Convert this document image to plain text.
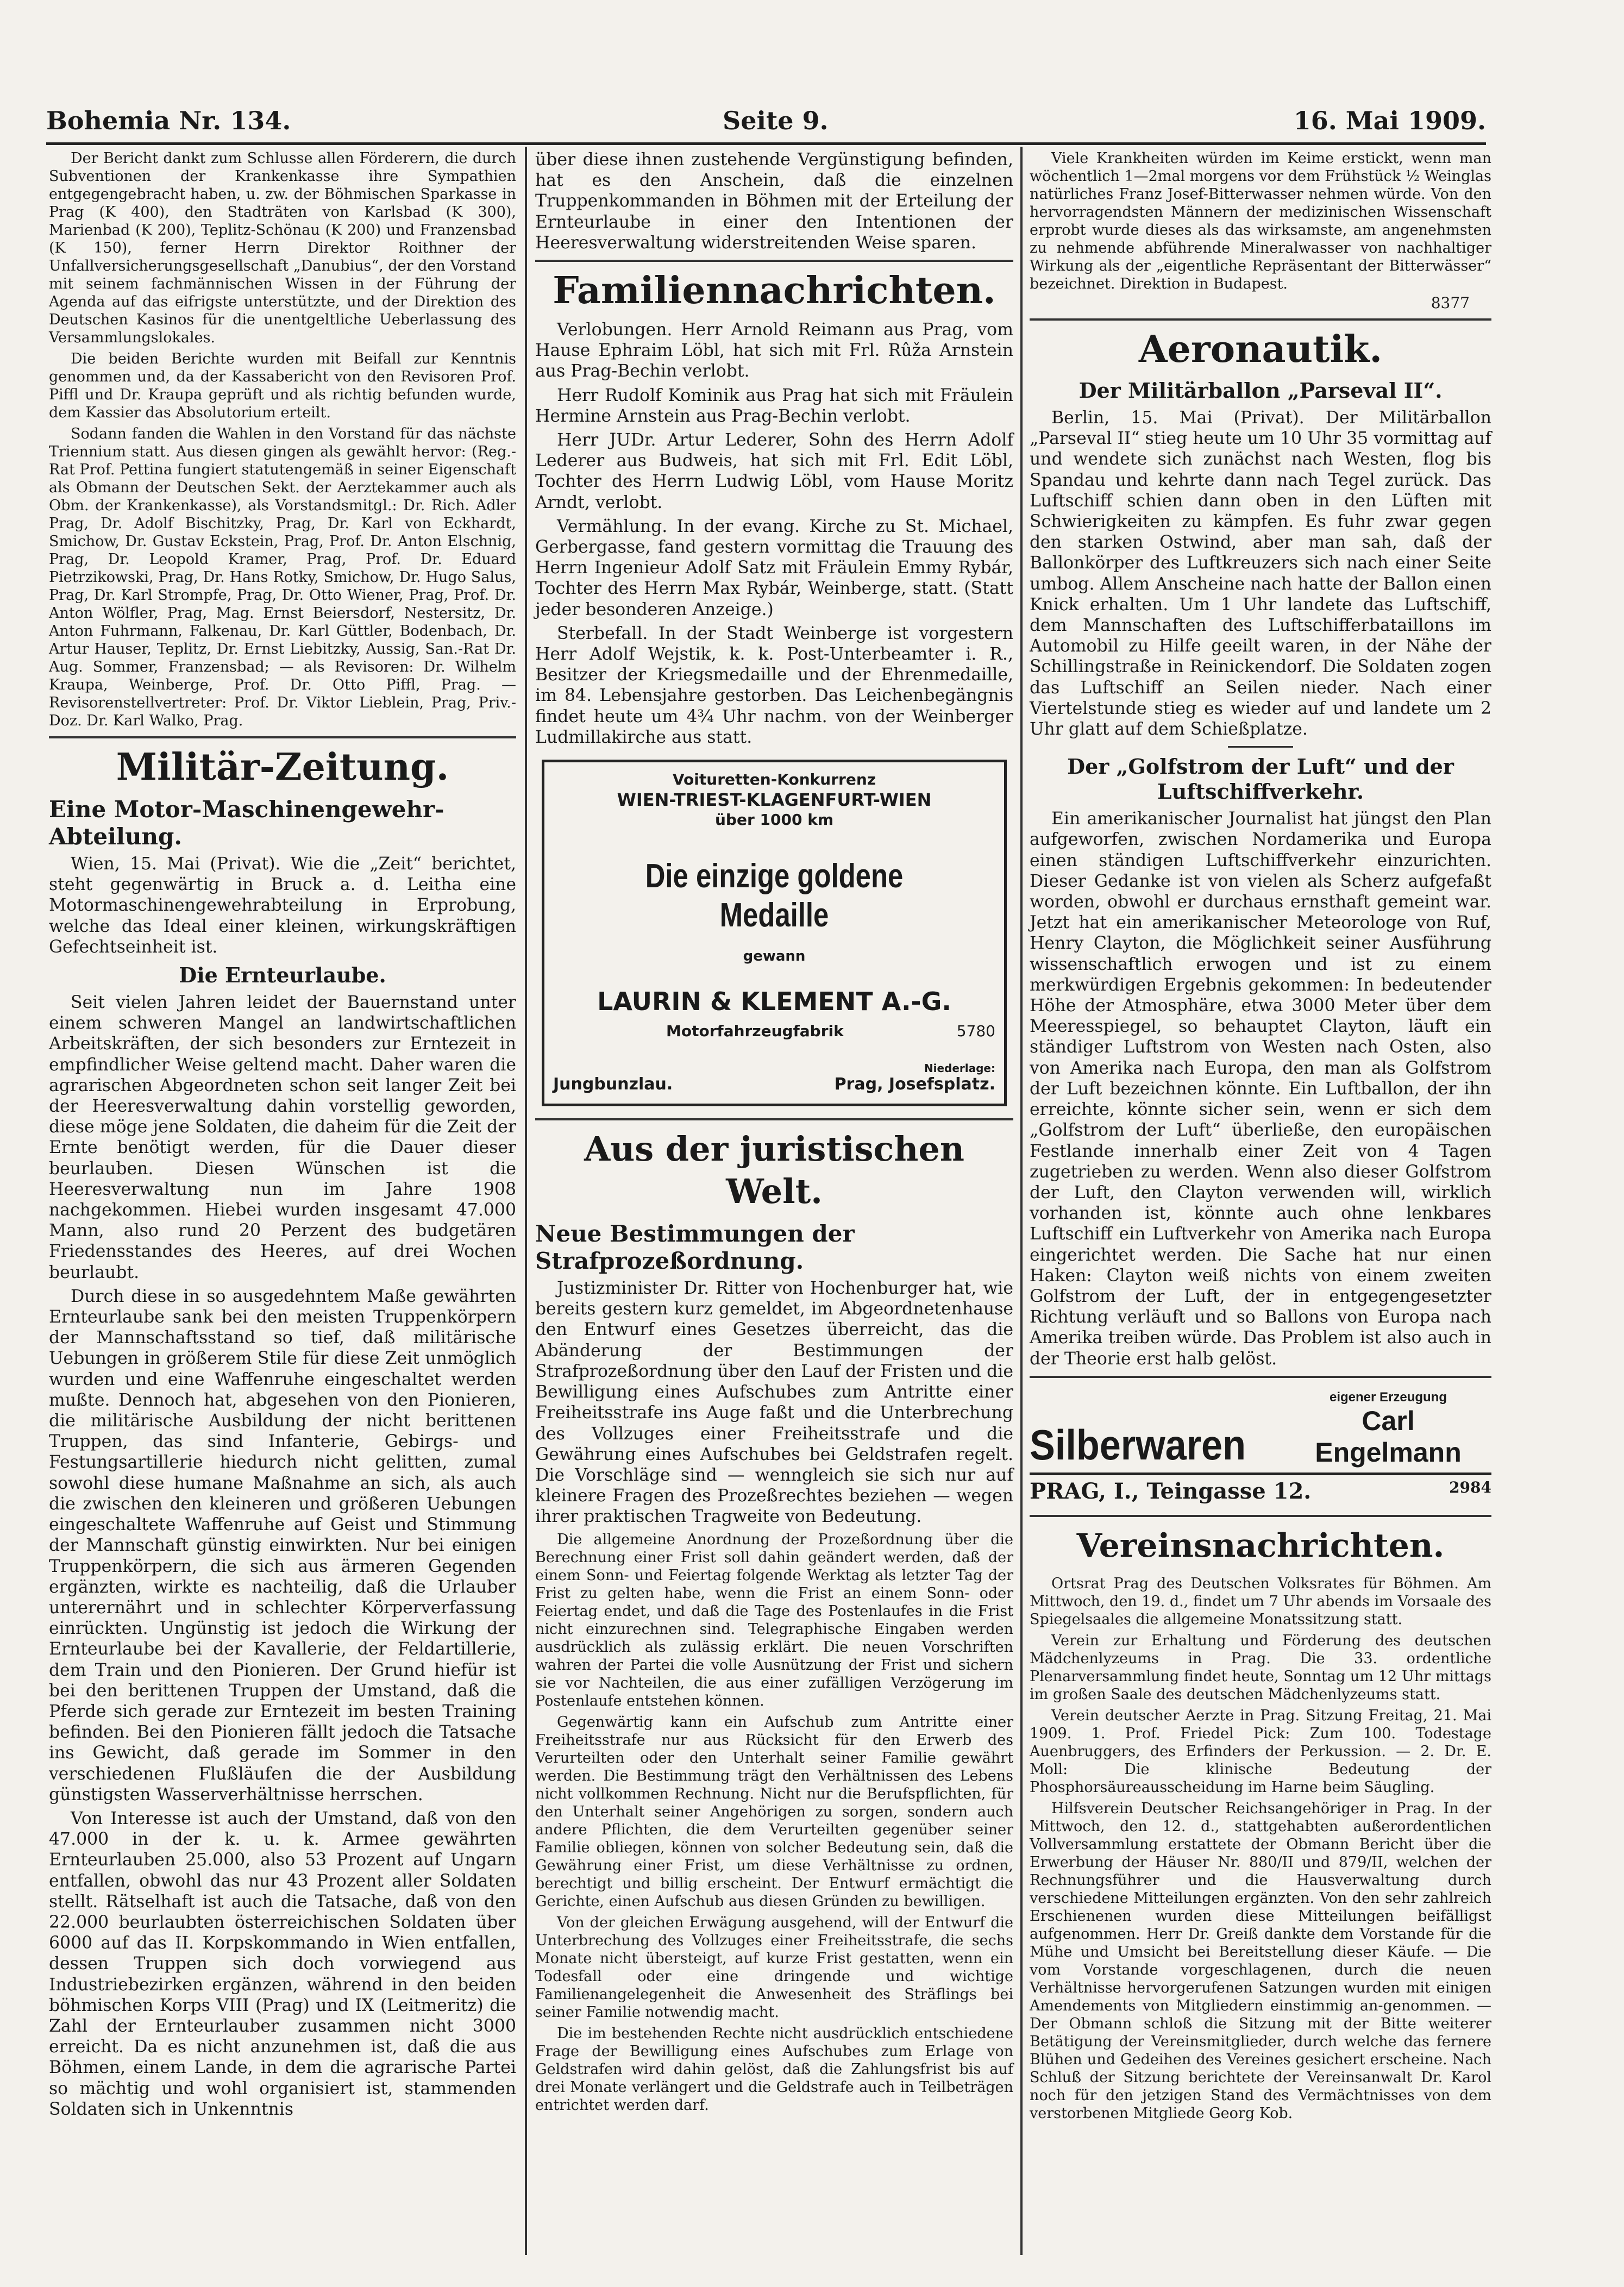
Bohemia Nr. 134.	Seite 9.	16. Mai 1909.

Der Bericht dankt zum Schlusse allen Förderern, die durch Subventionen der Krankenkasse ihre Sympathien entgegengebracht haben, u. zw. der Böhmischen Sparkasse in Prag (K 400), den Stadträten von Karlsbad (K 300), Marienbad (K 200), Teplitz-Schönau (K 200) und Franzensbad (K 150), ferner Herrn Direktor Roithner der Unfallversicherungsgesellschaft „Danubius“, der den Vorstand mit seinem fachmännischen Wissen in der Führung der Agenda auf das eifrigste unterstützte, und der Direktion des Deutschen Kasinos für die unentgeltliche Ueberlassung des Versammlungslokales.

Die beiden Berichte wurden mit Beifall zur Kenntnis genommen und, da der Kassabericht von den Revisoren Prof. Piffl und Dr. Kraupa geprüft und als richtig befunden wurde, dem Kassier das Absolutorium erteilt.

Sodann fanden die Wahlen in den Vorstand für das nächste Triennium statt. Aus diesen gingen als gewählt hervor: (Reg.-Rat Prof. Pettina fungiert statutengemäß in seiner Eigenschaft als Obmann der Deutschen Sekt. der Aerztekammer auch als Obm. der Krankenkasse), als Vorstandsmitgl.: Dr. Rich. Adler Prag, Dr. Adolf Bischitzky, Prag, Dr. Karl von Eckhardt, Smichow, Dr. Gustav Eckstein, Prag, Prof. Dr. Anton Elschnig, Prag, Dr. Leopold Kramer, Prag, Prof. Dr. Eduard Pietrzikowski, Prag, Dr. Hans Rotky, Smichow, Dr. Hugo Salus, Prag, Dr. Karl Strompfe, Prag, Dr. Otto Wiener, Prag, Prof. Dr. Anton Wölfler, Prag, Mag. Ernst Beiersdorf, Nestersitz, Dr. Anton Fuhrmann, Falkenau, Dr. Karl Güttler, Bodenbach, Dr. Artur Hauser, Teplitz, Dr. Ernst Liebitzky, Aussig, San.-Rat Dr. Aug. Sommer, Franzensbad; — als Revisoren: Dr. Wilhelm Kraupa, Weinberge, Prof. Dr. Otto Piffl, Prag. — Revisorenstellvertreter: Prof. Dr. Viktor Lieblein, Prag, Priv.-Doz. Dr. Karl Walko, Prag.

Militär-Zeitung.
Eine Motor-Maschinengewehr-Abteilung.

Wien, 15. Mai (Privat). Wie die „Zeit“ berichtet, steht gegenwärtig in Bruck a. d. Leitha eine Motormaschinengewehrabteilung in Erprobung, welche das Ideal einer kleinen, wirkungskräftigen Gefechtseinheit ist.

Die Ernteurlaube.

Seit vielen Jahren leidet der Bauernstand unter einem schweren Mangel an landwirtschaftlichen Arbeitskräften, der sich besonders zur Erntezeit in empfindlicher Weise geltend macht. Daher waren die agrarischen Abgeordneten schon seit langer Zeit bei der Heeresverwaltung dahin vorstellig geworden, diese möge jene Soldaten, die daheim für die Zeit der Ernte benötigt werden, für die Dauer dieser beurlauben. Diesen Wünschen ist die Heeresverwaltung nun im Jahre 1908 nachgekommen. Hiebei wurden insgesamt 47.000 Mann, also rund 20 Perzent des budgetären Friedensstandes des Heeres, auf drei Wochen beurlaubt.

Durch diese in so ausgedehntem Maße gewährten Ernteurlaube sank bei den meisten Truppenkörpern der Mannschaftsstand so tief, daß militärische Uebungen in größerem Stile für diese Zeit unmöglich wurden und eine Waffenruhe eingeschaltet werden mußte. Dennoch hat, abgesehen von den Pionieren, die militärische Ausbildung der nicht berittenen Truppen, das sind Infanterie, Gebirgs- und Festungsartillerie hiedurch nicht gelitten, zumal sowohl diese humane Maßnahme an sich, als auch die zwischen den kleineren und größeren Uebungen eingeschaltete Waffenruhe auf Geist und Stimmung der Mannschaft günstig einwirkten. Nur bei einigen Truppenkörpern, die sich aus ärmeren Gegenden ergänzten, wirkte es nachteilig, daß die Urlauber unterernährt und in schlechter Körperverfassung einrückten. Ungünstig ist jedoch die Wirkung der Ernteurlaube bei der Kavallerie, der Feldartillerie, dem Train und den Pionieren. Der Grund hiefür ist bei den berittenen Truppen der Umstand, daß die Pferde sich gerade zur Erntezeit im besten Training befinden. Bei den Pionieren fällt jedoch die Tatsache ins Gewicht, daß gerade im Sommer in den verschiedenen Flußläufen die der Ausbildung günstigsten Wasserverhältnisse herrschen.

Von Interesse ist auch der Umstand, daß von den 47.000 in der k. u. k. Armee gewährten Ernteurlauben 25.000, also 53 Prozent auf Ungarn entfallen, obwohl das nur 43 Prozent aller Soldaten stellt. Rätselhaft ist auch die Tatsache, daß von den 22.000 beurlaubten österreichischen Soldaten über 6000 auf das II. Korpskommando in Wien entfallen, dessen Truppen sich doch vorwiegend aus Industriebezirken ergänzen, während in den beiden böhmischen Korps VIII (Prag) und IX (Leitmeritz) die Zahl der Ernteurlauber zusammen nicht 3000 erreicht. Da es nicht anzunehmen ist, daß die aus Böhmen, einem Lande, in dem die agrarische Partei so mächtig und wohl organisiert ist, stammenden Soldaten sich in Unkenntnis

über diese ihnen zustehende Vergünstigung befinden, hat es den Anschein, daß die einzelnen Truppenkommanden in Böhmen mit der Erteilung der Ernteurlaube in einer den Intentionen der Heeresverwaltung widerstreitenden Weise sparen.

Familiennachrichten.

Verlobungen. Herr Arnold Reimann aus Prag, vom Hause Ephraim Löbl, hat sich mit Frl. Rûža Arnstein aus Prag-Bechin verlobt.

Herr Rudolf Kominik aus Prag hat sich mit Fräulein Hermine Arnstein aus Prag-Bechin verlobt.

Herr JUDr. Artur Lederer, Sohn des Herrn Adolf Lederer aus Budweis, hat sich mit Frl. Edit Löbl, Tochter des Herrn Ludwig Löbl, vom Hause Moritz Arndt, verlobt.

Vermählung. In der evang. Kirche zu St. Michael, Gerbergasse, fand gestern vormittag die Trauung des Herrn Ingenieur Adolf Satz mit Fräulein Emmy Rybár, Tochter des Herrn Max Rybár, Weinberge, statt. (Statt jeder besonderen Anzeige.)

Sterbefall. In der Stadt Weinberge ist vorgestern Herr Adolf Wejstik, k. k. Post-Unterbeamter i. R., Besitzer der Kriegsmedaille und der Ehrenmedaille, im 84. Lebensjahre gestorben. Das Leichenbegängnis findet heute um 4¾ Uhr nachm. von der Weinberger Ludmillakirche aus statt.

Voituretten-Konkurrenz
WIEN-TRIEST-KLAGENFURT-WIEN
über 1000 km
Die einzige goldene Medaille
gewann
LAURIN & KLEMENT A.-G.
Motorfahrzeugfabrik	5780
Jungbunzlau.
Niederlage:
Prag, Josefsplatz.
Aus der juristischen Welt.
Neue Bestimmungen der Strafprozeßordnung.

Justizminister Dr. Ritter von Hochenburger hat, wie bereits gestern kurz gemeldet, im Abgeordnetenhause den Entwurf eines Gesetzes überreicht, das die Abänderung der Bestimmungen der Strafprozeßordnung über den Lauf der Fristen und die Bewilligung eines Aufschubes zum Antritte einer Freiheitsstrafe ins Auge faßt und die Unterbrechung des Vollzuges einer Freiheitsstrafe und die Gewährung eines Aufschubes bei Geldstrafen regelt. Die Vorschläge sind — wenngleich sie sich nur auf kleinere Fragen des Prozeßrechtes beziehen — wegen ihrer praktischen Tragweite von Bedeutung.

Die allgemeine Anordnung der Prozeßordnung über die Berechnung einer Frist soll dahin geändert werden, daß der einem Sonn- und Feiertag folgende Werktag als letzter Tag der Frist zu gelten habe, wenn die Frist an einem Sonn- oder Feiertag endet, und daß die Tage des Postenlaufes in die Frist nicht einzurechnen sind. Telegraphische Eingaben werden ausdrücklich als zulässig erklärt. Die neuen Vorschriften wahren der Partei die volle Ausnützung der Frist und sichern sie vor Nachteilen, die aus einer zufälligen Verzögerung im Postenlaufe entstehen können.

Gegenwärtig kann ein Aufschub zum Antritte einer Freiheitsstrafe nur aus Rücksicht für den Erwerb des Verurteilten oder den Unterhalt seiner Familie gewährt werden. Die Bestimmung trägt den Verhältnissen des Lebens nicht vollkommen Rechnung. Nicht nur die Berufspflichten, für den Unterhalt seiner Angehörigen zu sorgen, sondern auch andere Pflichten, die dem Verurteilten gegenüber seiner Familie obliegen, können von solcher Bedeutung sein, daß die Gewährung einer Frist, um diese Verhältnisse zu ordnen, berechtigt und billig erscheint. Der Entwurf ermächtigt die Gerichte, einen Aufschub aus diesen Gründen zu bewilligen.

Von der gleichen Erwägung ausgehend, will der Entwurf die Unterbrechung des Vollzuges einer Freiheitsstrafe, die sechs Monate nicht übersteigt, auf kurze Frist gestatten, wenn ein Todesfall oder eine dringende und wichtige Familienangelegenheit die Anwesenheit des Sträflings bei seiner Familie notwendig macht.

Die im bestehenden Rechte nicht ausdrücklich entschiedene Frage der Bewilligung eines Aufschubes zum Erlage von Geldstrafen wird dahin gelöst, daß die Zahlungsfrist bis auf drei Monate verlängert und die Geldstrafe auch in Teilbeträgen entrichtet werden darf.

Viele Krankheiten würden im Keime erstickt, wenn man wöchentlich 1—2mal morgens vor dem Frühstück ½ Weinglas natürliches Franz Josef-Bitterwasser nehmen würde. Von den hervorragendsten Männern der medizinischen Wissenschaft erprobt wurde dieses als das wirksamste, am angenehmsten zu nehmende abführende Mineralwasser von nachhaltiger Wirkung als der „eigentliche Repräsentant der Bitterwässer“ bezeichnet. Direktion in Budapest.

8377
Aeronautik.
Der Militärballon „Parseval II“.

Berlin, 15. Mai (Privat). Der Militärballon „Parseval II“ stieg heute um 10 Uhr 35 vormittag auf und wendete sich zunächst nach Westen, flog bis Spandau und kehrte dann nach Tegel zurück. Das Luftschiff schien dann oben in den Lüften mit Schwierigkeiten zu kämpfen. Es fuhr zwar gegen den starken Ostwind, aber man sah, daß der Ballonkörper des Luftkreuzers sich nach einer Seite umbog. Allem Anscheine nach hatte der Ballon einen Knick erhalten. Um 1 Uhr landete das Luftschiff, dem Mannschaften des Luftschifferbataillons im Automobil zu Hilfe geeilt waren, in der Nähe der Schillingstraße in Reinickendorf. Die Soldaten zogen das Luftschiff an Seilen nieder. Nach einer Viertelstunde stieg es wieder auf und landete um 2 Uhr glatt auf dem Schießplatze.

Der „Golfstrom der Luft“ und der Luftschiffverkehr.

Ein amerikanischer Journalist hat jüngst den Plan aufgeworfen, zwischen Nordamerika und Europa einen ständigen Luftschiffverkehr einzurichten. Dieser Gedanke ist von vielen als Scherz aufgefaßt worden, obwohl er durchaus ernsthaft gemeint war. Jetzt hat ein amerikanischer Meteorologe von Ruf, Henry Clayton, die Möglichkeit seiner Ausführung wissenschaftlich erwogen und ist zu einem merkwürdigen Ergebnis gekommen: In bedeutender Höhe der Atmosphäre, etwa 3000 Meter über dem Meeresspiegel, so behauptet Clayton, läuft ein ständiger Luftstrom von Westen nach Osten, also von Amerika nach Europa, den man als Golfstrom der Luft bezeichnen könnte. Ein Luftballon, der ihn erreichte, könnte sicher sein, wenn er sich dem „Golfstrom der Luft“ überließe, den europäischen Festlande innerhalb einer Zeit von 4 Tagen zugetrieben zu werden. Wenn also dieser Golfstrom der Luft, den Clayton verwenden will, wirklich vorhanden ist, könnte auch ohne lenkbares Luftschiff ein Luftverkehr von Amerika nach Europa eingerichtet werden. Die Sache hat nur einen Haken: Clayton weiß nichts von einem zweiten Golfstrom der Luft, der in entgegengesetzter Richtung verläuft und so Ballons von Europa nach Amerika treiben würde. Das Problem ist also auch in der Theorie erst halb gelöst.

Silberwaren
eigener Erzeugung
Carl Engelmann
PRAG, I., Teingasse 12.	2984
Vereinsnachrichten.

Ortsrat Prag des Deutschen Volksrates für Böhmen. Am Mittwoch, den 19. d., findet um 7 Uhr abends im Vorsaale des Spiegelsaales die allgemeine Monatssitzung statt.

Verein zur Erhaltung und Förderung des deutschen Mädchenlyzeums in Prag. Die 33. ordentliche Plenarversammlung findet heute, Sonntag um 12 Uhr mittags im großen Saale des deutschen Mädchenlyzeums statt.

Verein deutscher Aerzte in Prag. Sitzung Freitag, 21. Mai 1909. 1. Prof. Friedel Pick: Zum 100. Todestage Auenbruggers, des Erfinders der Perkussion. — 2. Dr. E. Moll: Die klinische Bedeutung der Phosphorsäureausscheidung im Harne beim Säugling.

Hilfsverein Deutscher Reichsangehöriger in Prag. In der Mittwoch, den 12. d., stattgehabten außerordentlichen Vollversammlung erstattete der Obmann Bericht über die Erwerbung der Häuser Nr. 880/II und 879/II, welchen der Rechnungsführer und die Hausverwaltung durch verschiedene Mitteilungen ergänzten. Von den sehr zahlreich Erschienenen wurden diese Mitteilungen beifälligst aufgenommen. Herr Dr. Greiß dankte dem Vorstande für die Mühe und Umsicht bei Bereitstellung dieser Käufe. — Die vom Vorstande vorgeschlagenen, durch die neuen Verhältnisse hervorgerufenen Satzungen wurden mit einigen Amendements von Mitgliedern einstimmig an-genommen. — Der Obmann schloß die Sitzung mit der Bitte weiterer Betätigung der Vereinsmitglieder, durch welche das fernere Blühen und Gedeihen des Vereines gesichert erscheine. Nach Schluß der Sitzung berichtete der Vereinsanwalt Dr. Karol noch für den jetzigen Stand des Vermächtnisses von dem verstorbenen Mitgliede Georg Kob.
